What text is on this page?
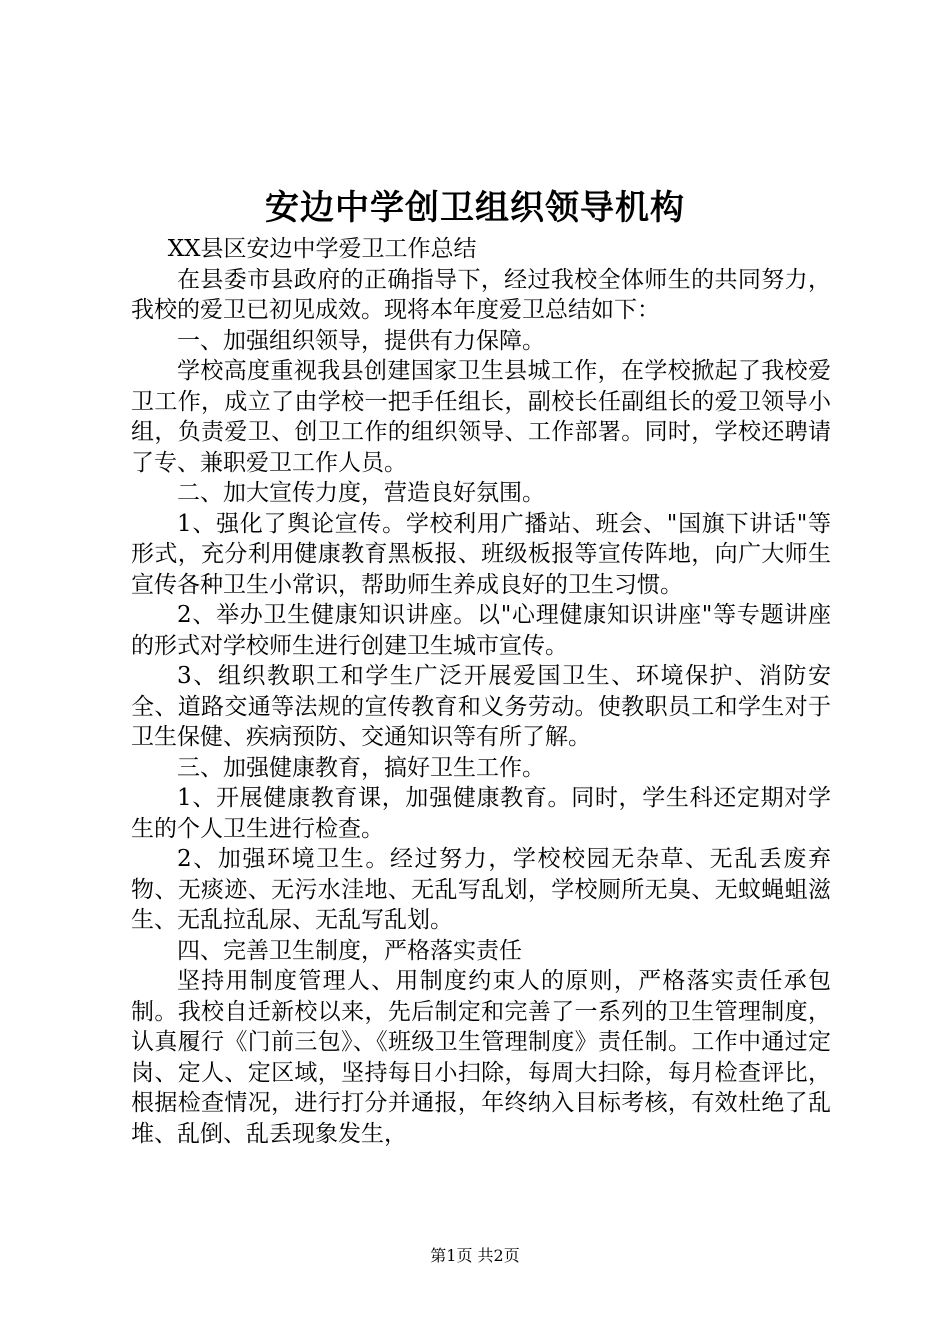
安边中学创卫组织领导机构

XX县区安边中学爱卫工作总结

在县委市县政府的正确指导下，经过我校全体师生的共同努力，我校的爱卫已初见成效。现将本年度爱卫总结如下：

一、加强组织领导，提供有力保障。

学校高度重视我县创建国家卫生县城工作，在学校掀起了我校爱卫工作，成立了由学校一把手任组长，副校长任副组长的爱卫领导小组，负责爱卫、创卫工作的组织领导、工作部署。同时，学校还聘请了专、兼职爱卫工作人员。

二、加大宣传力度，营造良好氛围。

1、强化了舆论宣传。学校利用广播站、班会、"国旗下讲话"等形式，充分利用健康教育黑板报、班级板报等宣传阵地，向广大师生宣传各种卫生小常识，帮助师生养成良好的卫生习惯。

2、举办卫生健康知识讲座。以"心理健康知识讲座"等专题讲座的形式对学校师生进行创建卫生城市宣传。

3、组织教职工和学生广泛开展爱国卫生、环境保护、消防安全、道路交通等法规的宣传教育和义务劳动。使教职员工和学生对于卫生保健、疾病预防、交通知识等有所了解。

三、加强健康教育，搞好卫生工作。

1、开展健康教育课，加强健康教育。同时，学生科还定期对学生的个人卫生进行检查。

2、加强环境卫生。经过努力，学校校园无杂草、无乱丢废弃物、无痰迹、无污水洼地、无乱写乱划，学校厕所无臭、无蚊蝇蛆滋生、无乱拉乱尿、无乱写乱划。

四、完善卫生制度，严格落实责任

坚持用制度管理人、用制度约束人的原则，严格落实责任承包制。我校自迁新校以来，先后制定和完善了一系列的卫生管理制度，认真履行《门前三包》、《班级卫生管理制度》责任制。工作中通过定岗、定人、定区域，坚持每日小扫除，每周大扫除，每月检查评比，根据检查情况，进行打分并通报，年终纳入目标考核，有效杜绝了乱堆、乱倒、乱丢现象发生，

第1页 共2页
